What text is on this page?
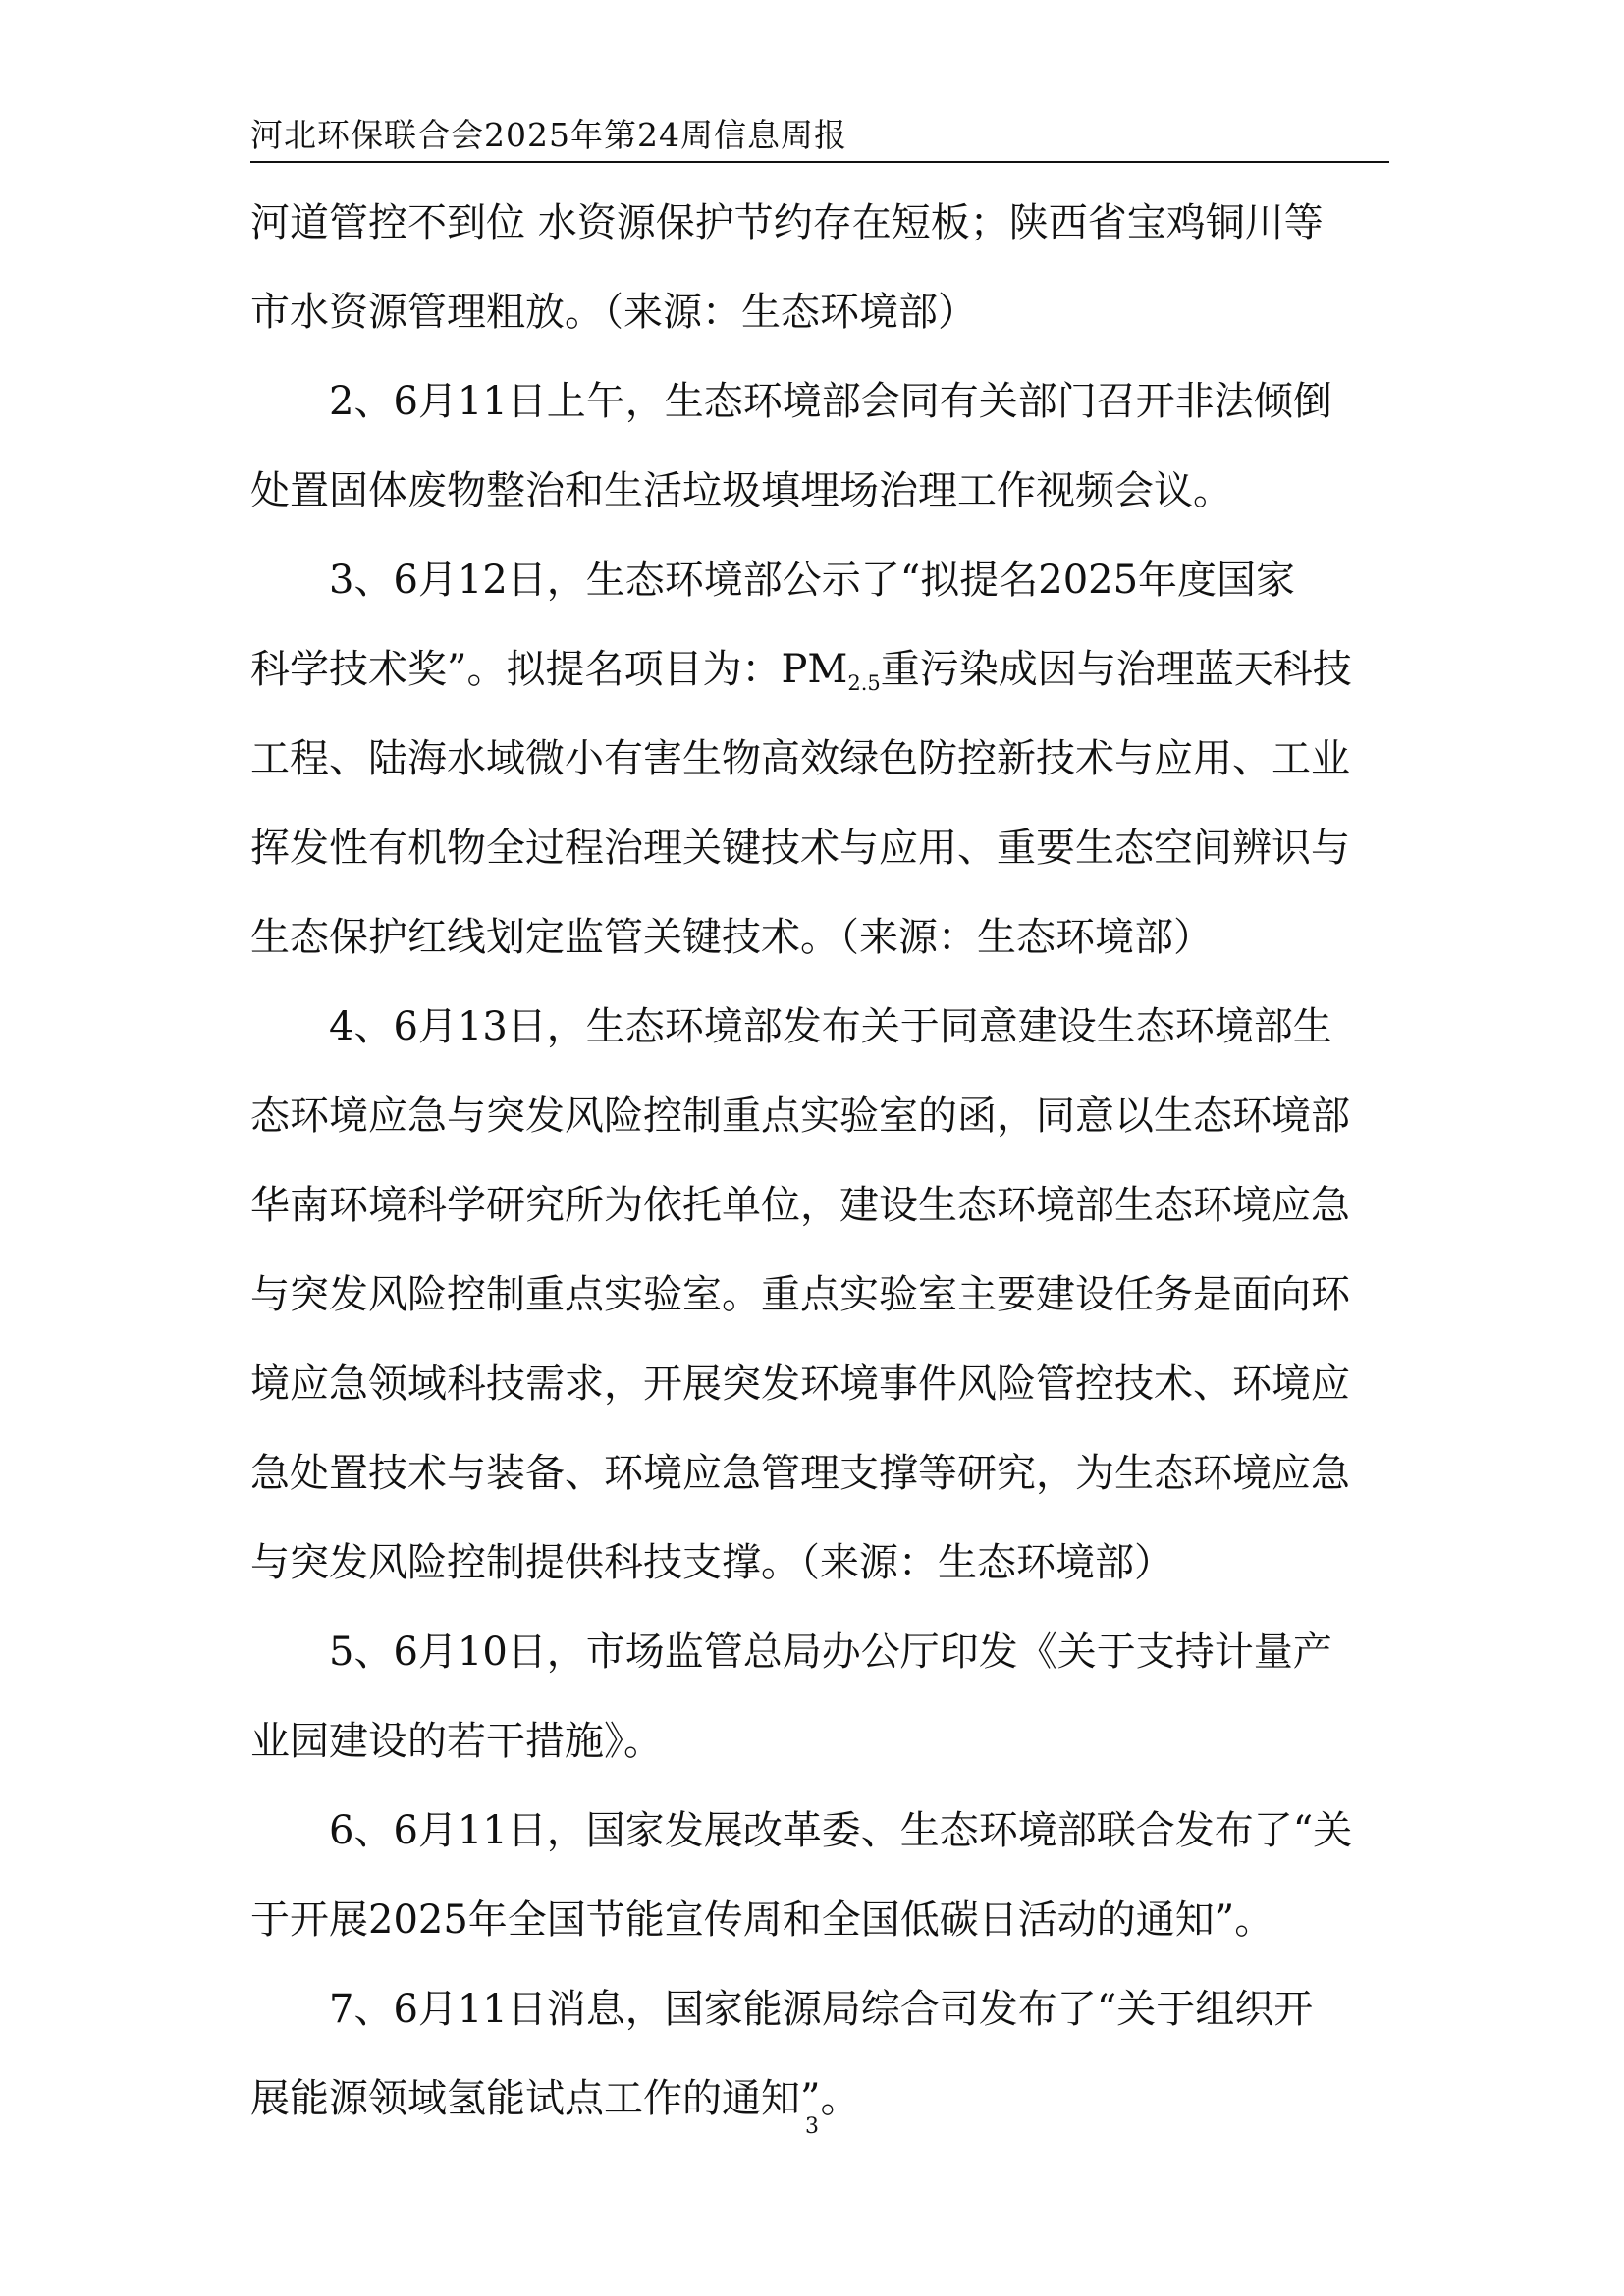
河北环保联合会2025年第24周信息周报
河道管控不到位 水资源保护节约存在短板；陕西省宝鸡铜川等
市水资源管理粗放。（来源：生态环境部）
2、6月11日上午，生态环境部会同有关部门召开非法倾倒
处置固体废物整治和生活垃圾填埋场治理工作视频会议。
3、6月12日，生态环境部公示了“拟提名2025年度国家
科学技术奖”。拟提名项目为：$PM_{2.5}$重污染成因与治理蓝天科技
工程、陆海水域微小有害生物高效绿色防控新技术与应用、工业
挥发性有机物全过程治理关键技术与应用、重要生态空间辨识与
生态保护红线划定监管关键技术。（来源：生态环境部）
4、6月13日，生态环境部发布关于同意建设生态环境部生
态环境应急与突发风险控制重点实验室的函，同意以生态环境部
华南环境科学研究所为依托单位，建设生态环境部生态环境应急
与突发风险控制重点实验室。重点实验室主要建设任务是面向环
境应急领域科技需求，开展突发环境事件风险管控技术、环境应
急处置技术与装备、环境应急管理支撑等研究，为生态环境应急
与突发风险控制提供科技支撑。（来源：生态环境部）
5、6月10日，市场监管总局办公厅印发《关于支持计量产
业园建设的若干措施》。
6、6月11日，国家发展改革委、生态环境部联合发布了“关
于开展2025年全国节能宣传周和全国低碳日活动的通知”。
7、6月11日消息，国家能源局综合司发布了“关于组织开
展能源领域氢能试点工作的通知”。
3
